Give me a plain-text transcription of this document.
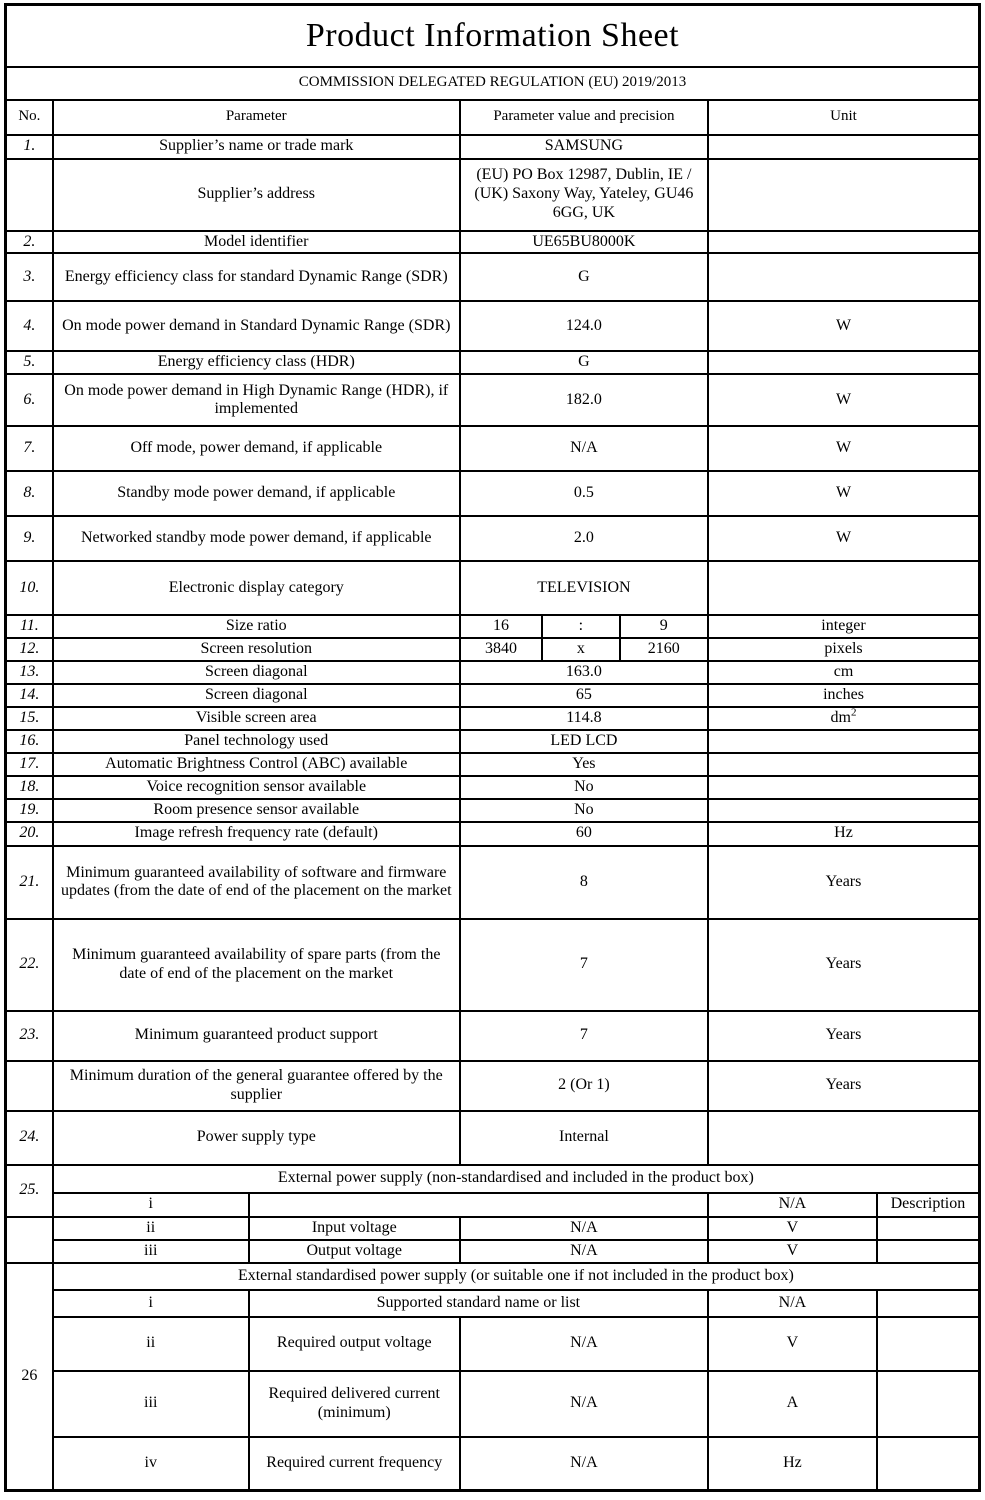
Product Information Sheet							
COMMISSION DELEGATED REGULATION (EU) 2019/2013							
No.	Parameter		Parameter value and precision			Unit	
1.	Supplier’s name or trade mark		SAMSUNG				
	Supplier’s address		(EU) PO Box 12987, Dublin, IE / (UK) Saxony Way, Yateley, GU46 6GG, UK				
2.	Model identifier		UE65BU8000K				
3.	Energy efficiency class for standard Dynamic Range (SDR)		G				
4.	On mode power demand in Standard Dynamic Range (SDR)		124.0			W	
5.	Energy efficiency class (HDR)		G				
6.	On mode power demand in High Dynamic Range (HDR), if implemented		182.0			W	
7.	Off mode, power demand, if applicable		N/A			W	
8.	Standby mode power demand, if applicable		0.5			W	
9.	Networked standby mode power demand, if applicable		2.0			W	
10.	Electronic display category		TELEVISION				
11.	Size ratio		16	:	9	integer	
12.	Screen resolution		3840	x	2160	pixels	
13.	Screen diagonal		163.0			cm	
14.	Screen diagonal		65			inches	
15.	Visible screen area		114.8			$dm^2$
16.	Panel technology used		LED LCD				
17.	Automatic Brightness Control (ABC) available		Yes				
18.	Voice recognition sensor available		No				
19.	Room presence sensor available		No				
20.	Image refresh frequency rate (default)		60			Hz	
21.	Minimum guaranteed availability of software and firmware updates (from the date of end of the placement on the market		8			Years	
22.	Minimum guaranteed availability of spare parts (from the date of end of the placement on the market		7			Years	
23.	Minimum guaranteed product support		7			Years	
	Minimum duration of the general guarantee offered by the supplier		2 (Or 1)			Years	
24.	Power supply type		Internal				
25.	External power supply (non-standardised and included in the product box)						
	i					N/A	Description
	ii	Input voltage	N/A			V	
	iii	Output voltage	N/A			V	
26	External standardised power supply (or suitable one if not included in the product box)						
	i	Supported standard name or list				N/A	
	ii	Required output voltage	N/A			V	
	iii	Required delivered current (minimum)	N/A			A	
	iv	Required current frequency	N/A			Hz	
